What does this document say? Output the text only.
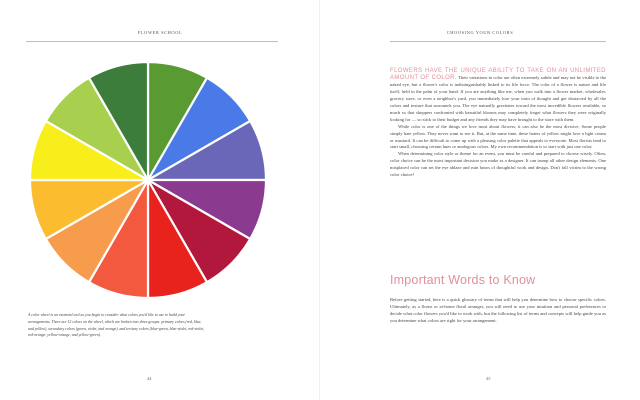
FLOWER SCHOOL
A color wheel is an essential tool as you begin to consider what colors you'd like to use to build your arrangements. There are 12 colors on the wheel, which are broken into three groups: primary colors (red, blue, and yellow), secondary colors (green, violet, and orange), and tertiary colors (blue-green, blue-violet, red-violet, red-orange, yellow-orange, and yellow-green).
44
CHOOSING YOUR COLORS

FLOWERS HAVE THE UNIQUE ABILITY TO TAKE ON AN UNLIMITED AMOUNT OF COLOR. Their variations in color are often extremely subtle and may not be visible to the naked eye, but a flower's color is indistinguishably linked to its life force. The color of a flower is nature and life itself, held in the palm of your hand. If you are anything like me, when you walk into a flower market, wholesaler, grocery store, or even a neighbor's yard, you immediately lose your train of thought and get distracted by all the colors and texture that surrounds you. The eye naturally gravitates toward the most incredible flowers available, so much so that shoppers confronted with beautiful blooms may completely forget what flowers they were originally looking for — so stick to their budget and any friends they may have brought to the store with them.
While color is one of the things we love most about flowers, it can also be the most divisive. Some people simply hate yellow. They never want to see it. But, at the same time, these haters of yellow might love a light cream or mustard. It can be difficult to come up with a pleasing color palette that appeals to everyone. Most florists tend to start small, choosing certain hues or analogous colors. My own recommendation is to start with just one color.
When determining color style or theme for an event, you must be careful and prepared to choose wisely. Often, color choice can be the most important decision you make as a designer. It can trump all other design elements. One misplaced color can set the eye ablaze and ruin hours of thoughtful work and design. Don't fall victim to the wrong color choice!

Important Words to Know

Before getting started, here is a quick glossary of terms that will help you determine how to choose specific colors. Ultimately, as a florist or at-home floral arranger, you will need to use your intuition and personal preferences to decide what color flowers you'd like to work with, but the following list of terms and concepts will help guide you as you determine what colors are right for your arrangement.

45
